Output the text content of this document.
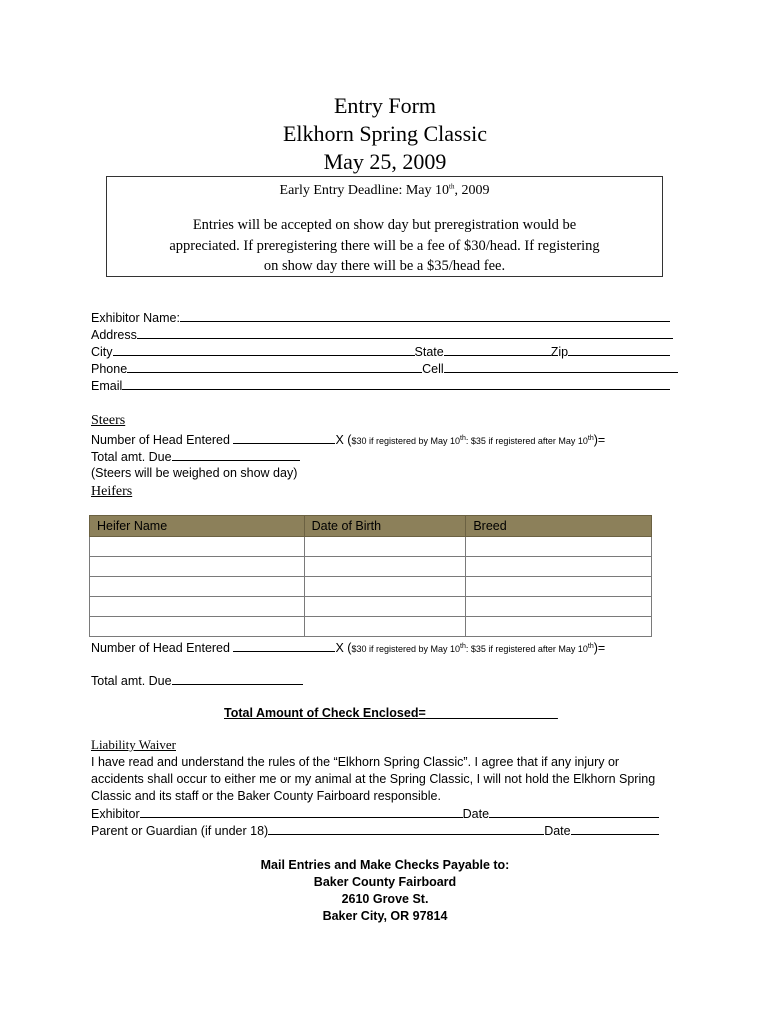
Entry Form
Elkhorn Spring Classic
May 25, 2009
Early Entry Deadline: May 10th, 2009
Entries will be accepted on show day but preregistration would be
appreciated. If preregistering there will be a fee of $30/head. If registering
on show day there will be a $35/head fee.
Exhibitor Name:
Address
City	State	Zip
Phone	Cell
Email
Steers
Number of Head Entered	X ($30 if registered by May 10th: $35 if registered after May 10th)=
Total amt. Due
(Steers will be weighed on show day)
Heifers
Heifer Name	Date of Birth	Breed

Number of Head Entered	X ($30 if registered by May 10th: $35 if registered after May 10th)=
Total amt. Due
Total Amount of Check Enclosed=___________________
Liability Waiver
I have read and understand the rules of the “Elkhorn Spring Classic”. I agree that if any injury or
accidents shall occur to either me or my animal at the Spring Classic, I will not hold the Elkhorn Spring
Classic and its staff or the Baker County Fairboard responsible.
Exhibitor	Date
Parent or Guardian (if under 18)	Date
Mail Entries and Make Checks Payable to:
Baker County Fairboard
2610 Grove St.
Baker City, OR 97814
